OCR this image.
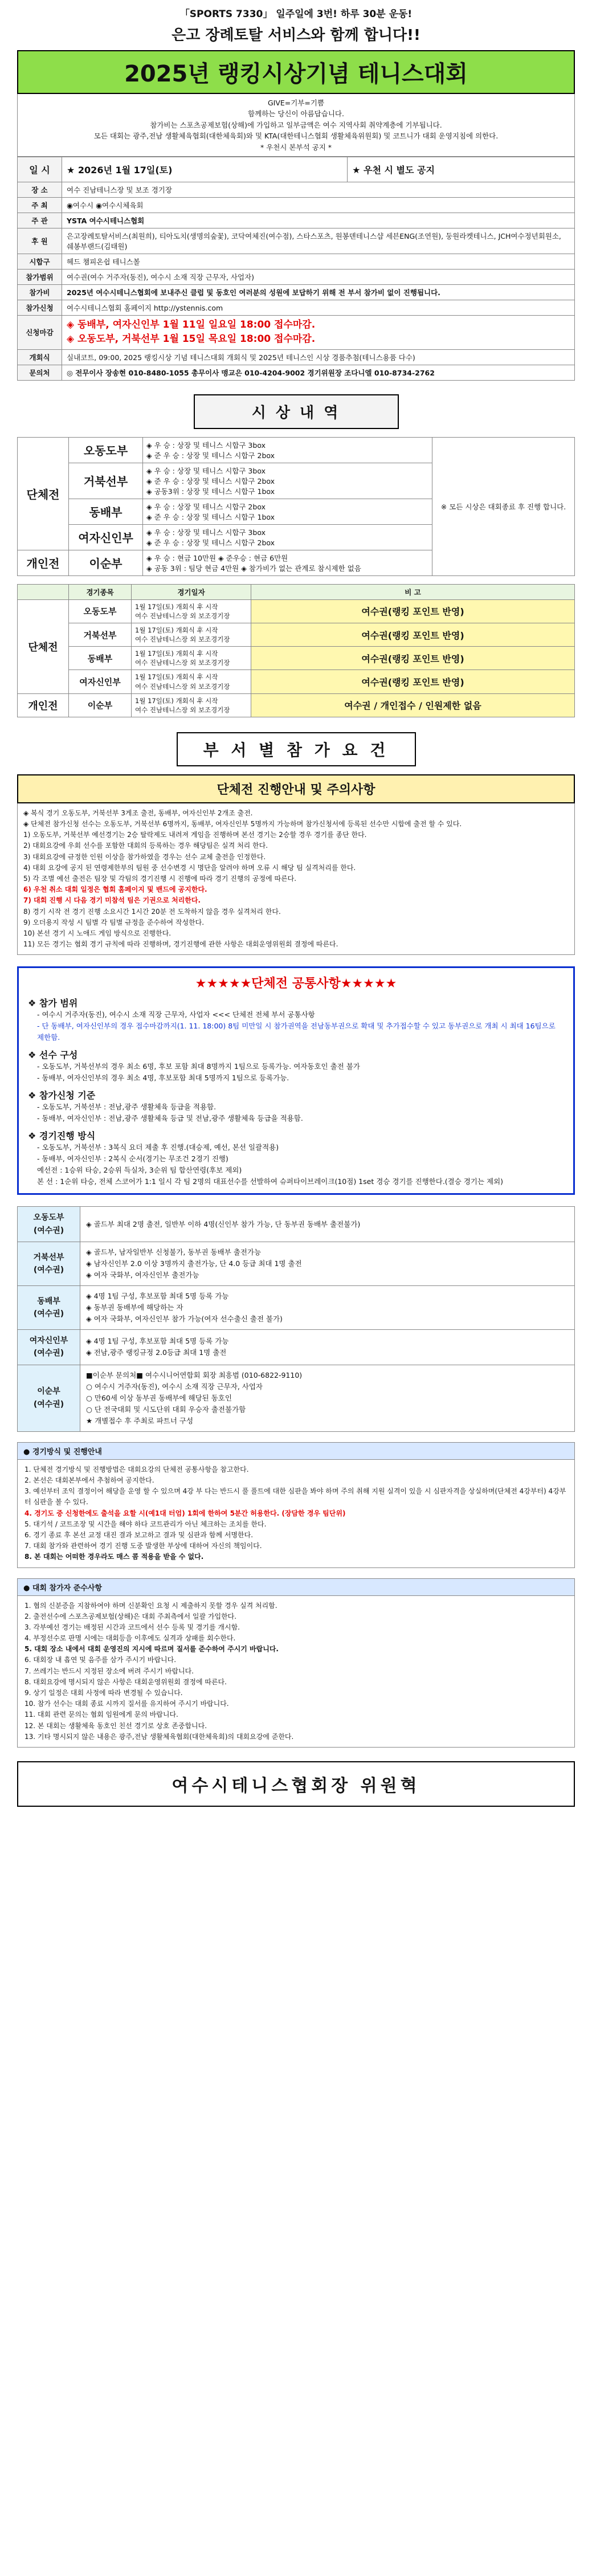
「SPORTS 7330」 일주일에 3번! 하루 30분 운동!
은고 장례토탈 서비스와 함께 합니다!!
2025년 랭킹시상기념 테니스대회

GIVE=기부=기쁨

함께하는 당신이 아름답습니다.

참가비는 스포츠공제보험(상해)에 가입하고 일부금액은 여수 지역사회 취약계층에 기부됩니다.

모든 대회는 광주,전남 생활체육협회(대한체육회)와 및 KTA(대한테니스협회 생활체육위원회) 및 코트니가 대회 운영지침에 의한다.

* 우천시 본부석 공지 *

일 시	★ 2026년 1월 17일(토)	★ 우천 시 별도 공지
장 소	여수 진남테니스장 및 보조 경기장	
주 최	◉여수시 ◉여수시체육회	
주 관	YSTA 여수시테니스협회	
후 원	은고장례토탈서비스(최원희), 티아도치(생명의숲꽃), 코닥여체진(여수점), 스타스포츠, 원봉덴테니스샵 세븐ENG(조연원), 둥원라켓테니스, JCH여수정년회원소, 쉐봉부랜드(김태원)	
시합구	헤드 챔피온쉽 테니스볼	
참가범위	여수권(여수 거주자(동진), 여수시 소재 직장 근무자, 사업자)	
참가비	2025년 여수시테니스협회에 보내주신 클럽 및 동호인 여러분의 성원에 보답하기 위해 전 부서 참가비 없이 진행됩니다.	
참가신청	여수시테니스협회 홈페이지 http://ystennis.com	
신청마감	◈ 동배부, 여자신인부 1월 11일 일요일 18:00 접수마감.
◈ 오동도부, 거북선부 1월 15일 목요일 18:00 접수마감.	

개회식	실내코트, 09:00, 2025 랭킹시상 기념 테니스대회 개회식 및 2025년 테니스인 시상 경품추첨(테니스용품 다수)	
문의처	◎ 전무이사 장송현 010-8480-1055 총무이사 맹교은 010-4204-9002 경기위원장 조다니엘 010-8734-2762	
시 상 내 역
단체전	오동도부	◈ 우 승 : 상장 및 테니스 시합구 3box
◈ 준 우 승 : 상장 및 테니스 시합구 2box	※ 모든 시상은 대회종료 후 진행 합니다.
	거북선부	◈ 우 승 : 상장 및 테니스 시합구 3box
◈ 준 우 승 : 상장 및 테니스 시합구 2box
◈ 공동3위 : 상장 및 테니스 시합구 1box	
	동배부	◈ 우 승 : 상장 및 테니스 시합구 2box
◈ 준 우 승 : 상장 및 테니스 시합구 1box	
	여자신인부	◈ 우 승 : 상장 및 테니스 시합구 3box
◈ 준 우 승 : 상장 및 테니스 시합구 2box	
개인전	이순부	◈ 우 승 : 현금 10만원 ◈ 준우승 : 현금 6만원
◈ 공동 3위 : 팀당 현금 4만원 ◈ 참가비가 없는 관계로 참시제한 없음	
	경기종목	경기일자	비 고
단체전	오동도부	1월 17일(토) 개회식 후 시작
여수 진남테니스장 외 보조경기장	여수권(랭킹 포인트 반영)
	거북선부	1월 17일(토) 개회식 후 시작
여수 진남테니스장 외 보조경기장	여수권(랭킹 포인트 반영)
	동배부	1월 17일(토) 개회식 후 시작
여수 진남테니스장 외 보조경기장	여수권(랭킹 포인트 반영)
	여자신인부	1월 17일(토) 개회식 후 시작
여수 진남테니스장 외 보조경기장	여수권(랭킹 포인트 반영)
개인전	이순부	1월 17일(토) 개회식 후 시작
여수 진남테니스장 외 보조경기장	여수권 / 개인접수 / 인원제한 없음
부 서 별 참 가 요 건
단체전 진행안내 및 주의사항
◈ 복식 경기 오동도부, 거북선부 3게조 출전, 동배부, 여자신인부 2개조 출전.
◈ 단체전 참가신청 선수는 오동도부, 거북선부 6명까지, 동배부, 여자신인부 5명까지 가능하며 참가신청서에 등록된 선수만 시합에 출전 할 수 있다.
1) 오동도부, 거북선부 예선경기는 2승 탈락제도 내려져 게임을 진행하며 본선 경기는 2승할 경우 경기를 종단 한다.
2) 대회요강에 우회 선수를 포함한 대회의 등록하는 경우 해당팀은 실격 처리 한다.
3) 대회요강에 규정한 인원 이상을 참가하였을 경우는 선수 교체 출전을 인정한다.
4) 대회 요강에 공지 된 연령제한부의 팀원 중 선수변경 시 명단을 알려야 하며 오류 시 해당 팀 실격처리를 한다.
5) 각 조별 예선 출전은 팀장 및 각팀의 경기진행 시 진행에 따라 경기 진행의 공정에 따른다.
6) 우천 취소 대회 일정은 협회 홈페이지 및 밴드에 공지한다.
7) 대회 진행 시 다음 경기 미참석 팀은 기권으로 처리한다.
8) 경기 시작 전 경기 진행 소요시간 1시간 20분 전 도착하지 않을 경우 실격처리 한다.
9) 오더용지 작성 시 팀별 각 팀별 규정을 준수하여 작성한다.
10) 본선 경기 시 노애드 게임 방식으로 진행한다.
11) 모든 경기는 협회 경기 규칙에 따라 진행하며, 경기진행에 관한 사항은 대회운영위원회 결정에 따른다.
★★★★★단체전 공통사항★★★★★
❖ 참가 범위

- 여수시 거주자(동진), 여수시 소재 직장 근무자, 사업자 <<< 단체전 전체 부서 공통사항

- 단 동배부, 여자신인부의 경우 접수마감까지(1. 11. 18:00) 8팀 미만일 시 참가권역을 전남동부권으로 확대 및 추가접수할 수 있고 동부권으로 개최 시 최대 16팀으로 제한함.

❖ 선수 구성

- 오동도부, 거북선부의 경우 최소 6명, 후보 포함 최대 8명까지 1팀으로 등록가능. 여자동호인 출전 불가

- 동배부, 여자신인부의 경우 최소 4명, 후보포함 최대 5명까지 1팀으로 등록가능.

❖ 참가신청 기준

- 오동도부, 거북선부 : 전남,광주 생활체육 등급을 적용함.

- 동배부, 여자신인부 : 전남,광주 생활체육 등급 및 전남,광주 생활체육 등급을 적용함.

❖ 경기진행 방식

- 오동도부, 거북선부 : 3복식 요더 제출 후 진행.(대승제, 예선, 본선 일괄적용)

- 동배부, 여자신인부 : 2복식 순서(경기는 무조건 2경기 진행)

예선전 : 1승위 타승, 2승위 득실차, 3순위 팀 합산연령(후보 제외)

본 선 : 1순위 타승, 전체 스코어가 1:1 일시 각 팀 2명의 대표선수를 선발하여 슈퍼타이브레이크(10점) 1set 경승 경기를 진행한다.(결승 경기는 제외)

오동도부
(여수권)	◈ 골드부 최대 2명 출전, 일반부 이하 4명(신인부 참가 가능, 단 동부권 동배부 출전불가)
거북선부
(여수권)	◈ 골드부, 남자일반부 신청불가, 동부권 동배부 출전가능
◈ 남자신인부 2.0 이상 3명까지 출전가능, 단 4.0 등급 최대 1명 출전
◈ 여자 국화부, 여자신인부 출전가능
동배부
(여수권)	◈ 4명 1팀 구성, 후보포함 최대 5명 등록 가능
◈ 동부권 동배부에 해당하는 자
◈ 여자 국화부, 여자신인부 참가 가능(여자 선수출신 출전 불가)
여자신인부
(여수권)	◈ 4명 1팀 구성, 후보포함 최대 5명 등록 가능
◈ 전남,광주 랭킹규정 2.0등급 최대 1명 출전
이순부
(여수권)	■이순부 문의처■ 여수시니어연합회 회장 최흥범 (010-6822-9110)
○ 여수시 거주자(동진), 여수시 소재 직장 근무자, 사업자
○ 만60세 이상 동부권 동배부에 해당된 동호인
○ 단 전국대회 및 시도단위 대회 우승자 출전불가함
★ 개별접수 후 주최로 파트너 구성
● 경기방식 및 진행안내
1. 단체전 경기방식 및 진행방법은 대회요강의 단체전 공통사항을 참고한다.
2. 본선은 대회본부에서 추첨하여 공지한다.
3. 예선부터 조익 결정이어 해당을 운영 할 수 있으며 4강 부 다는 반드시 풀 풀트에 대한 심판을 봐야 하며 주의 취해 지원 실격이 있을 시 심판자격을 상실하며(단체전 4강부터) 4강부터 심판을 볼 수 있다.
4. 경기도 중 신청한에도 출석을 요할 시(예1대 터엄) 1회에 한하여 5분간 허용한다. (장담한 경우 팀단위)
5. 대기석 / 코트조장 및 시간을 해야 하다 코트관리가 아닌 체크하는 조치를 한다.
6. 경기 종료 후 본선 교정 대진 결과 보고하고 결과 및 심판과 함께 서명한다.
7. 대회 참가와 관련하여 경기 진행 도중 발생한 부상에 대하여 자신의 책임이다.
8. 본 대회는 어떠한 경우라도 매스 콤 적용을 받을 수 없다.
● 대회 참가자 준수사항
1. 협의 신분증을 지참하여야 하며 신분확인 요청 시 제출하지 못할 경우 실격 처리함.
2. 출전선수에 스포츠공제보험(상해)은 대회 주최측에서 일괄 가입한다.
3. 각부예선 경기는 배정된 시간과 코트에서 선수 등록 및 경기를 개시함.
4. 부정선수로 판명 시에는 대회등을 이후에도 실격과 상패를 회수한다.
5. 대회 장소 내에서 대회 운영진의 지시에 따르며 질서를 준수하여 주시기 바랍니다.
6. 대회장 내 흡연 및 음주를 삼가 주시기 바랍니다.
7. 쓰레기는 반드시 지정된 장소에 버려 주시기 바랍니다.
8. 대회요강에 명시되지 않은 사항은 대회운영위원회 결정에 따른다.
9. 상기 일정은 대회 사정에 따라 변경될 수 있습니다.
10. 참가 선수는 대회 종료 시까지 질서를 유지하여 주시기 바랍니다.
11. 대회 관련 문의는 협회 임원에게 문의 바랍니다.
12. 본 대회는 생활체육 동호인 친선 경기로 상호 존중합니다.
13. 기타 명시되지 않은 내용은 광주,전남 생활체육협회(대한체육회)의 대회요강에 준한다.
여수시테니스협회장 위원혁
